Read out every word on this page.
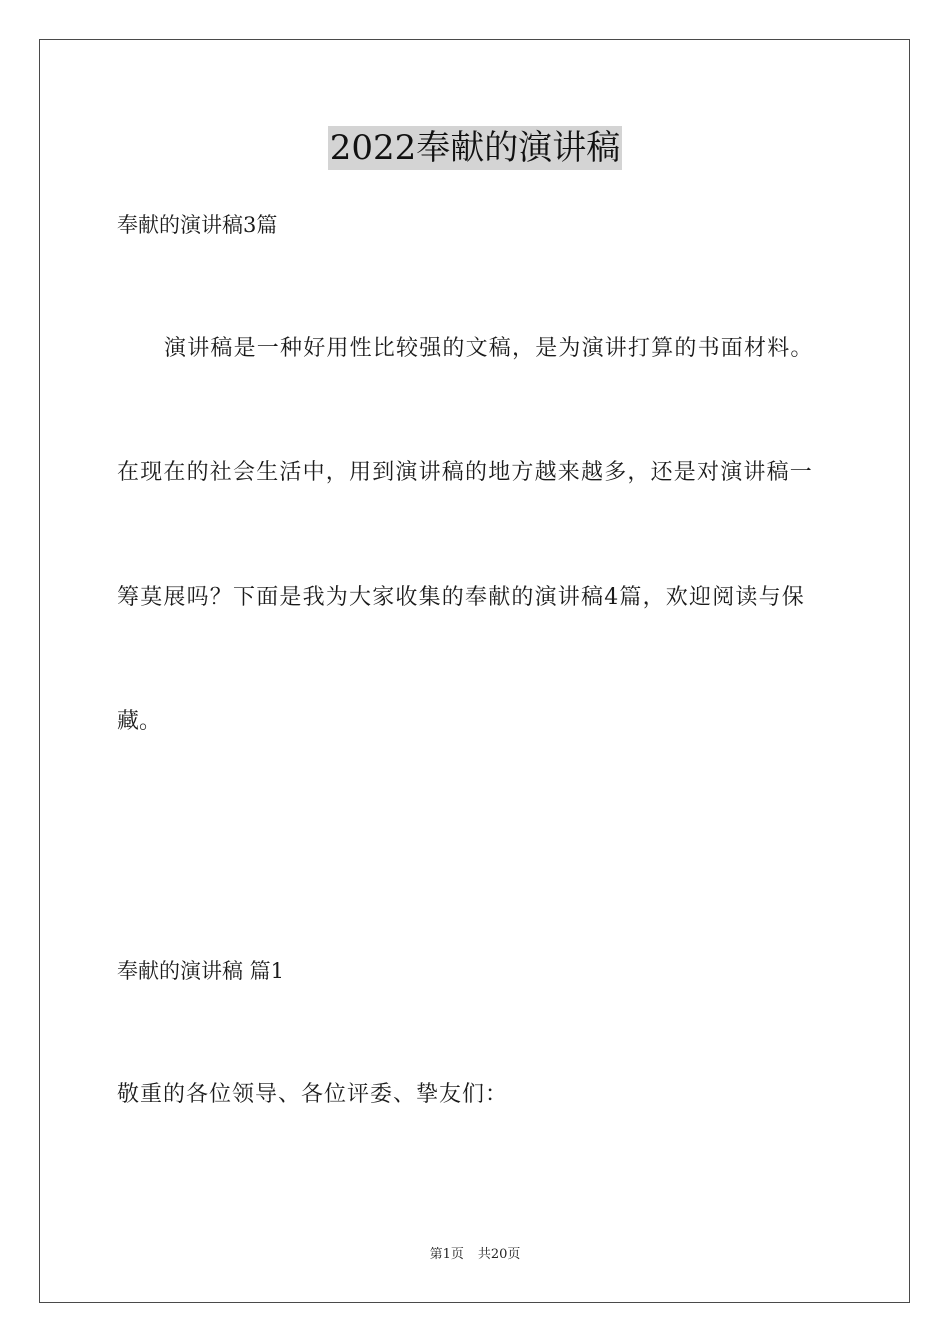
2022奉献的演讲稿
奉献的演讲稿3篇
演讲稿是一种好用性比较强的文稿，是为演讲打算的书面材料。
在现在的社会生活中，用到演讲稿的地方越来越多，还是对演讲稿一
筹莫展吗？下面是我为大家收集的奉献的演讲稿4篇，欢迎阅读与保
藏。
奉献的演讲稿 篇1
敬重的各位领导、各位评委、挚友们：
第1页 共20页
